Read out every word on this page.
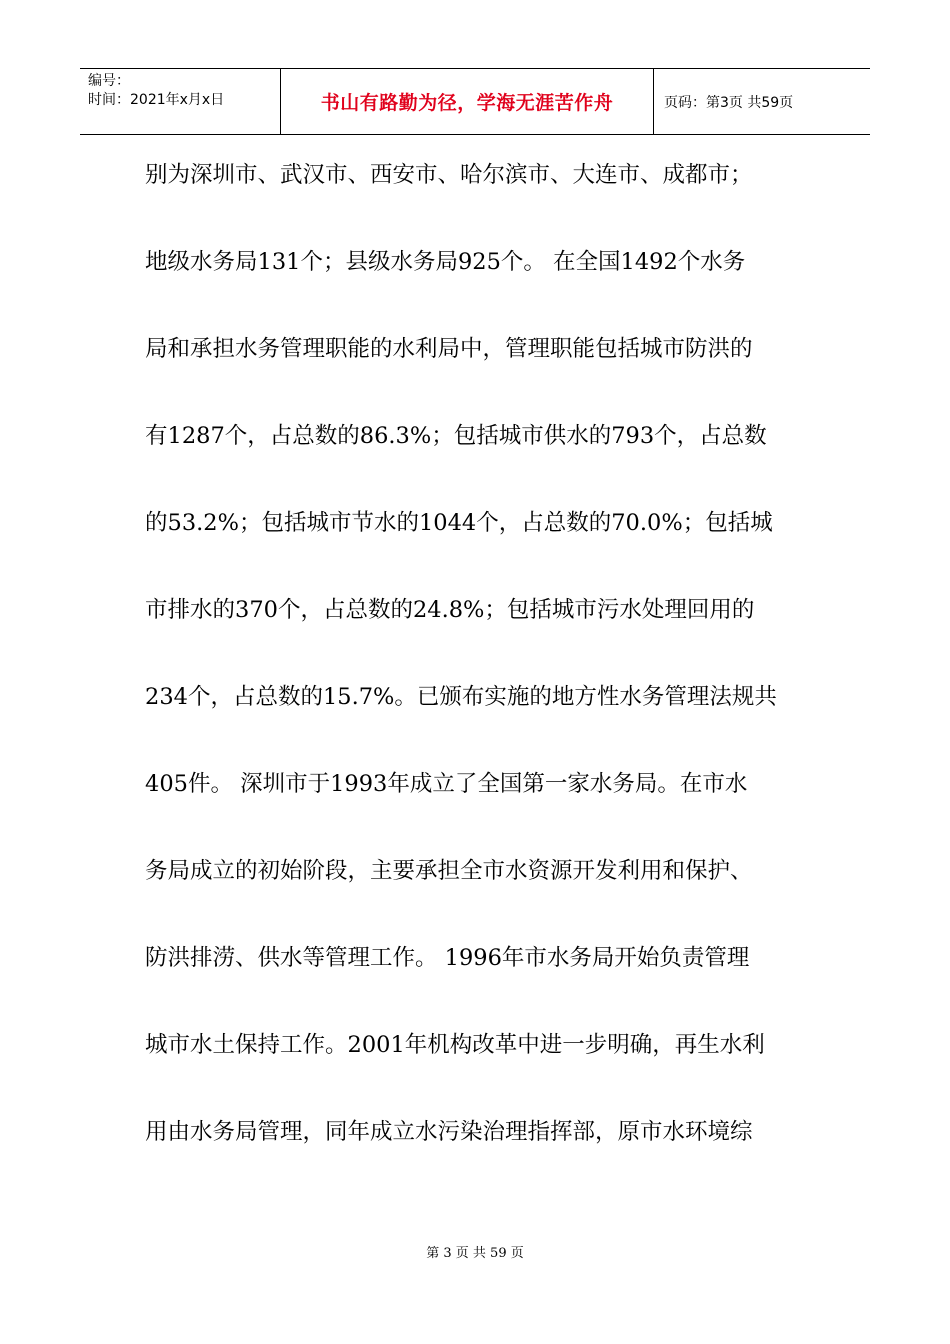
编号：
时间：2021年x月x日	书山有路勤为径，学海无涯苦作舟	页码：第3页 共59页
别为深圳市、武汉市、西安市、哈尔滨市、大连市、成都市；
地级水务局131个；县级水务局925个。 在全国1492个水务
局和承担水务管理职能的水利局中，管理职能包括城市防洪的
有1287个，占总数的86.3%；包括城市供水的793个，占总数
的53.2%；包括城市节水的1044个，占总数的70.0%；包括城
市排水的370个，占总数的24.8%；包括城市污水处理回用的
234个，占总数的15.7%。已颁布实施的地方性水务管理法规共
405件。 深圳市于1993年成立了全国第一家水务局。在市水
务局成立的初始阶段，主要承担全市水资源开发利用和保护、
防洪排涝、供水等管理工作。 1996年市水务局开始负责管理
城市水土保持工作。2001年机构改革中进一步明确，再生水利
用由水务局管理，同年成立水污染治理指挥部，原市水环境综
第 3 页 共 59 页
